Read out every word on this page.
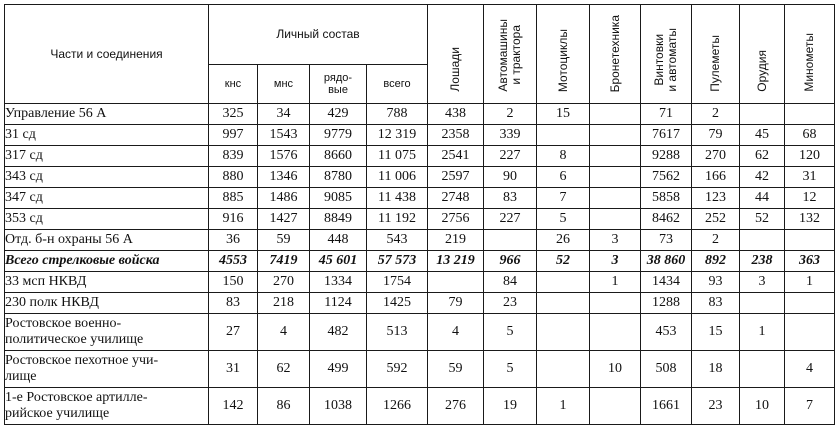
Части и соединения	Личный состав				Лошади	Автомашины
и трактора	Мотоциклы	Бронетехника	Винтовки
и автоматы	Пулеметы	Орудия	Минометы
	кнс	мнс	рядо-
вые	всего								
Управление 56 А	325	34	429	788	438	2	15		71	2		
31 сд	997	1543	9779	12 319	2358	339			7617	79	45	68
317 сд	839	1576	8660	11 075	2541	227	8		9288	270	62	120
343 сд	880	1346	8780	11 006	2597	90	6		7562	166	42	31
347 сд	885	1486	9085	11 438	2748	83	7		5858	123	44	12
353 сд	916	1427	8849	11 192	2756	227	5		8462	252	52	132
Отд. б-н охраны 56 А	36	59	448	543	219		26	3	73	2		
Всего стрелковые войска	4553	7419	45 601	57 573	13 219	966	52	3	38 860	892	238	363
33 мсп НКВД	150	270	1334	1754		84		1	1434	93	3	1
230 полк НКВД	83	218	1124	1425	79	23			1288	83		
Ростовское военно-
политическое училище	27	4	482	513	4	5			453	15	1	
Ростовское пехотное учи-
лище	31	62	499	592	59	5		10	508	18		4
1-е Ростовское артилле-
рийское училище	142	86	1038	1266	276	19	1		1661	23	10	7
